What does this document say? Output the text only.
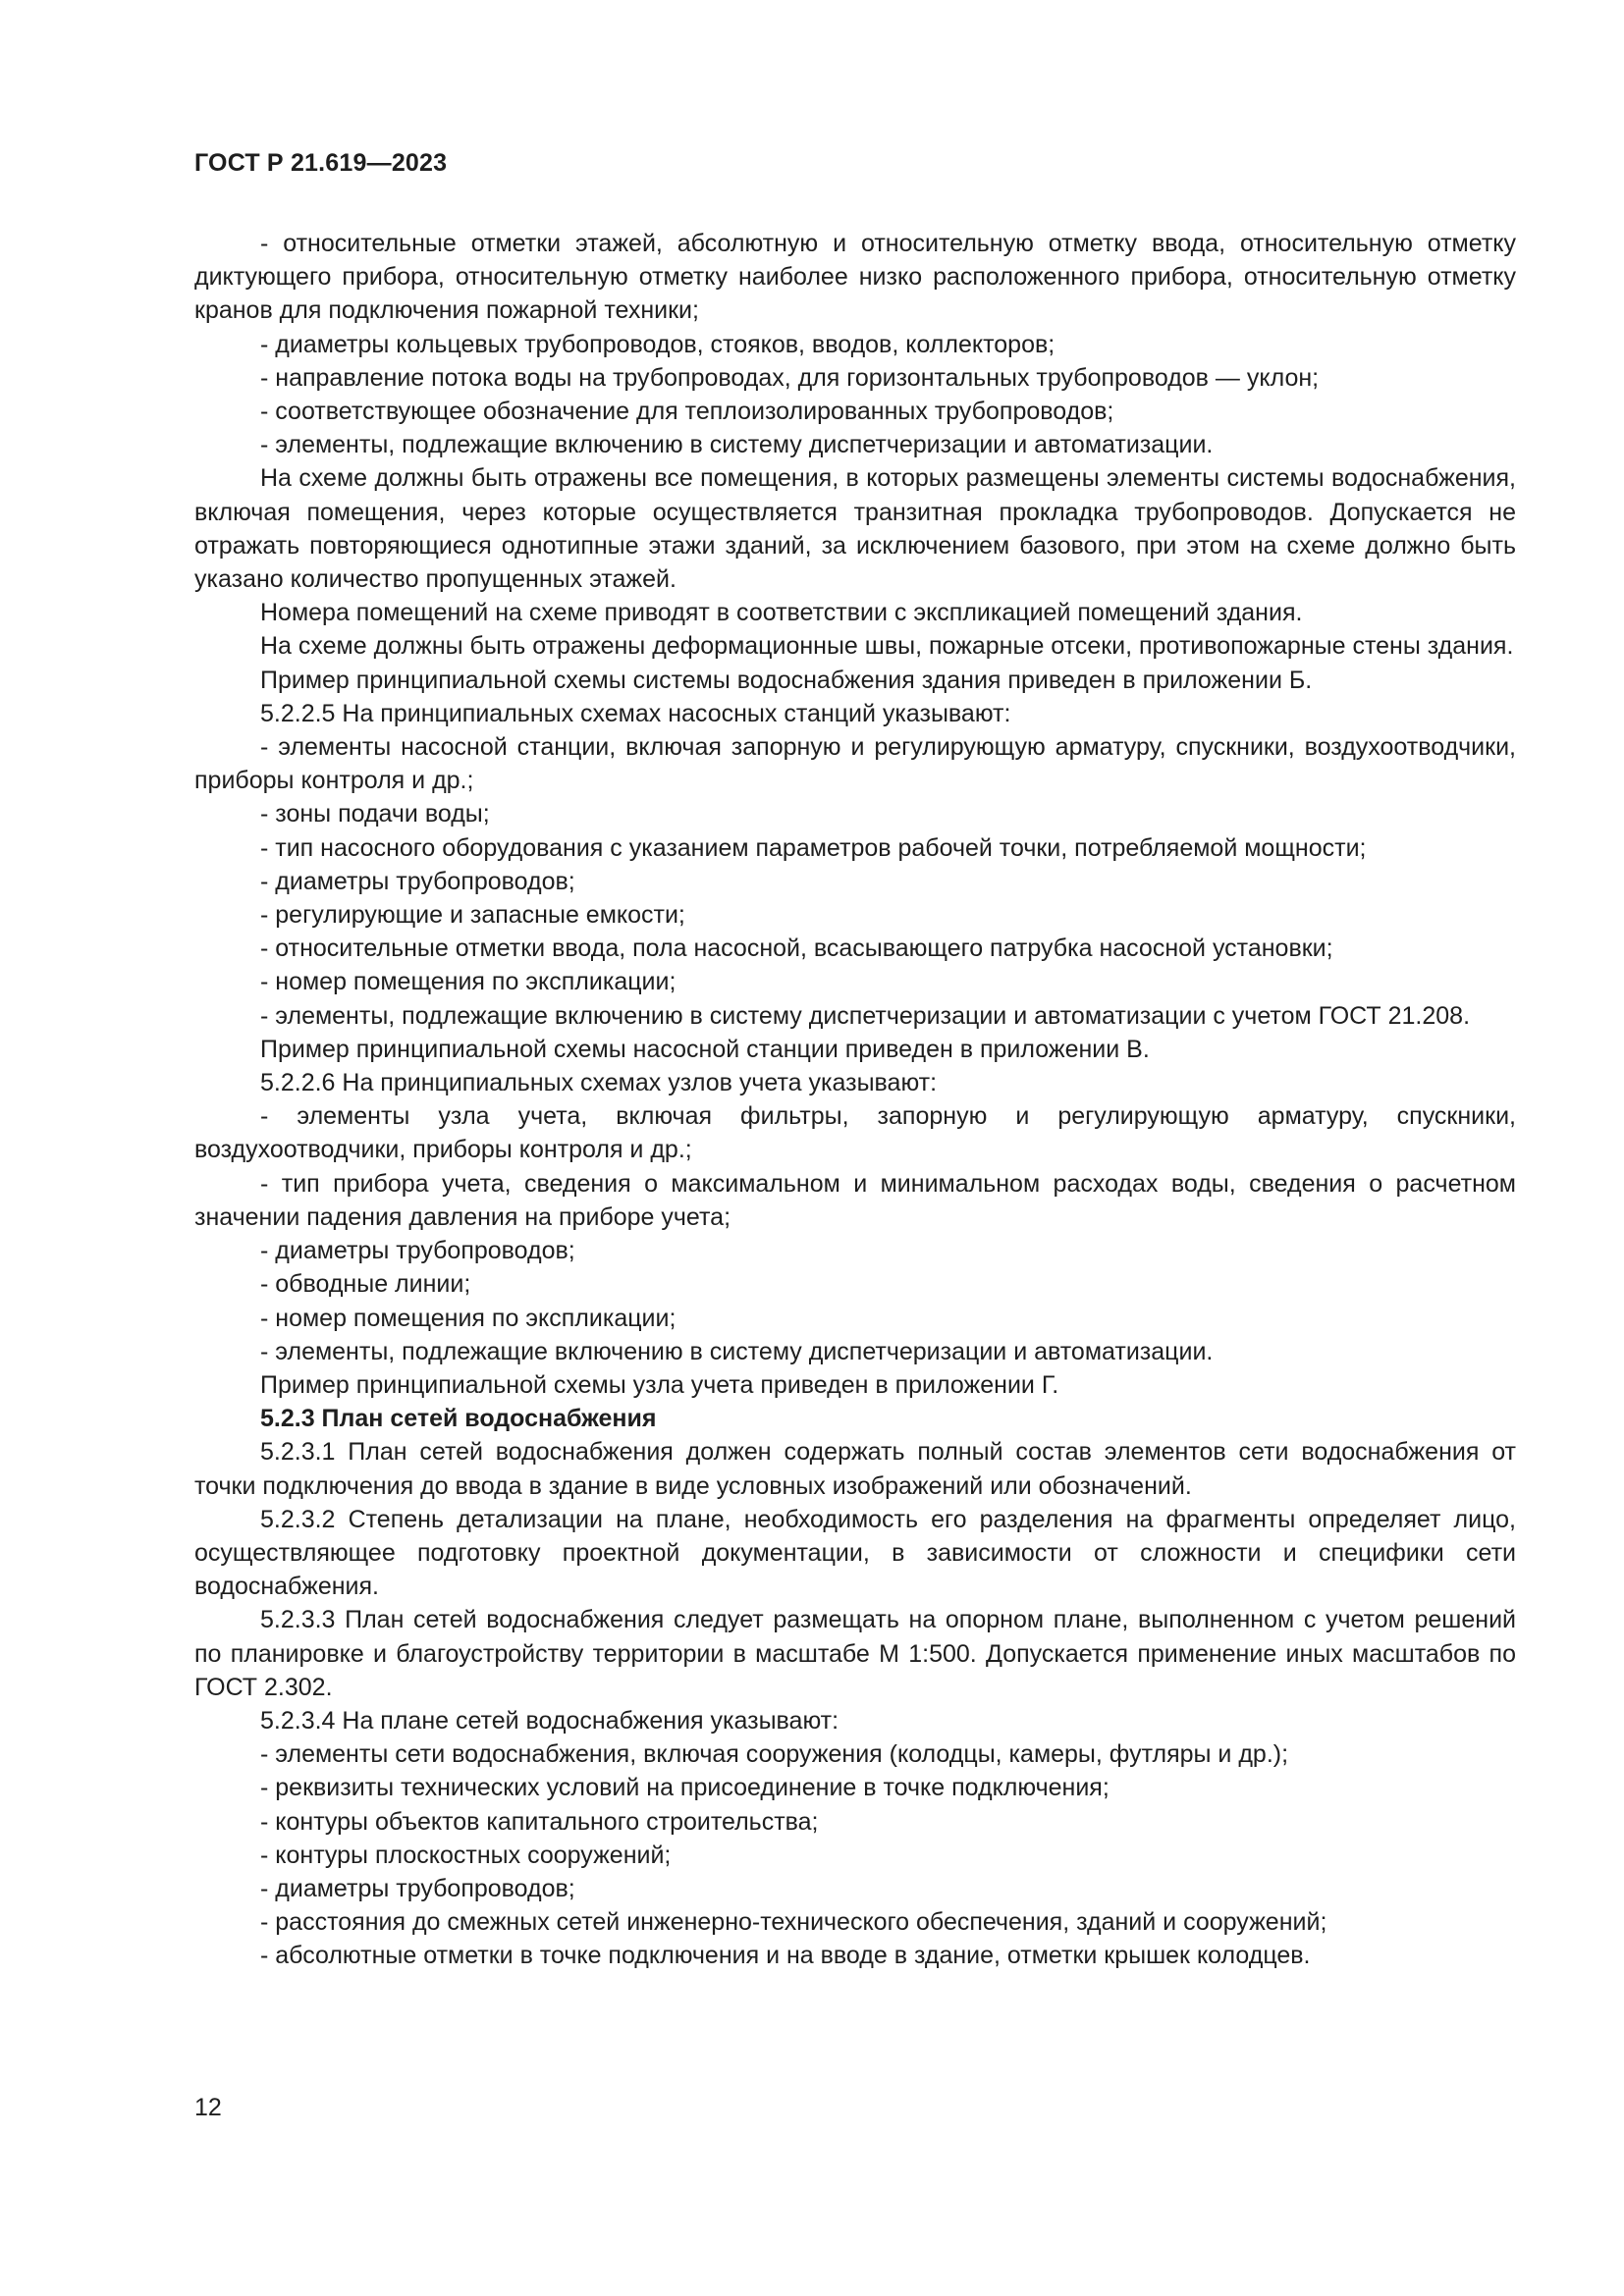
ГОСТ Р 21.619—2023

- относительные отметки этажей, абсолютную и относительную отметку ввода, относительную отметку диктующего прибора, относительную отметку наиболее низко расположенного прибора, относительную отметку кранов для подключения пожарной техники;

- диаметры кольцевых трубопроводов, стояков, вводов, коллекторов;

- направление потока воды на трубопроводах, для горизонтальных трубопроводов — уклон;

- соответствующее обозначение для теплоизолированных трубопроводов;

- элементы, подлежащие включению в систему диспетчеризации и автоматизации.

На схеме должны быть отражены все помещения, в которых размещены элементы системы водоснабжения, включая помещения, через которые осуществляется транзитная прокладка трубопроводов. Допускается не отражать повторяющиеся однотипные этажи зданий, за исключением базового, при этом на схеме должно быть указано количество пропущенных этажей.

Номера помещений на схеме приводят в соответствии с экспликацией помещений здания.

На схеме должны быть отражены деформационные швы, пожарные отсеки, противопожарные стены здания.

Пример принципиальной схемы системы водоснабжения здания приведен в приложении Б.

5.2.2.5 На принципиальных схемах насосных станций указывают:

- элементы насосной станции, включая запорную и регулирующую арматуру, спускники, воздухоотводчики, приборы контроля и др.;

- зоны подачи воды;

- тип насосного оборудования с указанием параметров рабочей точки, потребляемой мощности;

- диаметры трубопроводов;

- регулирующие и запасные емкости;

- относительные отметки ввода, пола насосной, всасывающего патрубка насосной установки;

- номер помещения по экспликации;

- элементы, подлежащие включению в систему диспетчеризации и автоматизации с учетом ГОСТ 21.208.

Пример принципиальной схемы насосной станции приведен в приложении В.

5.2.2.6 На принципиальных схемах узлов учета указывают:

- элементы узла учета, включая фильтры, запорную и регулирующую арматуру, спускники, воздухоотводчики, приборы контроля и др.;

- тип прибора учета, сведения о максимальном и минимальном расходах воды, сведения о расчетном значении падения давления на приборе учета;

- диаметры трубопроводов;

- обводные линии;

- номер помещения по экспликации;

- элементы, подлежащие включению в систему диспетчеризации и автоматизации.

Пример принципиальной схемы узла учета приведен в приложении Г.

5.2.3 План сетей водоснабжения

5.2.3.1 План сетей водоснабжения должен содержать полный состав элементов сети водоснабжения от точки подключения до ввода в здание в виде условных изображений или обозначений.

5.2.3.2 Степень детализации на плане, необходимость его разделения на фрагменты определяет лицо, осуществляющее подготовку проектной документации, в зависимости от сложности и специфики сети водоснабжения.

5.2.3.3 План сетей водоснабжения следует размещать на опорном плане, выполненном с учетом решений по планировке и благоустройству территории в масштабе М 1:500. Допускается применение иных масштабов по ГОСТ 2.302.

5.2.3.4 На плане сетей водоснабжения указывают:

- элементы сети водоснабжения, включая сооружения (колодцы, камеры, футляры и др.);

- реквизиты технических условий на присоединение в точке подключения;

- контуры объектов капитального строительства;

- контуры плоскостных сооружений;

- диаметры трубопроводов;

- расстояния до смежных сетей инженерно-технического обеспечения, зданий и сооружений;

- абсолютные отметки в точке подключения и на вводе в здание, отметки крышек колодцев.

12
